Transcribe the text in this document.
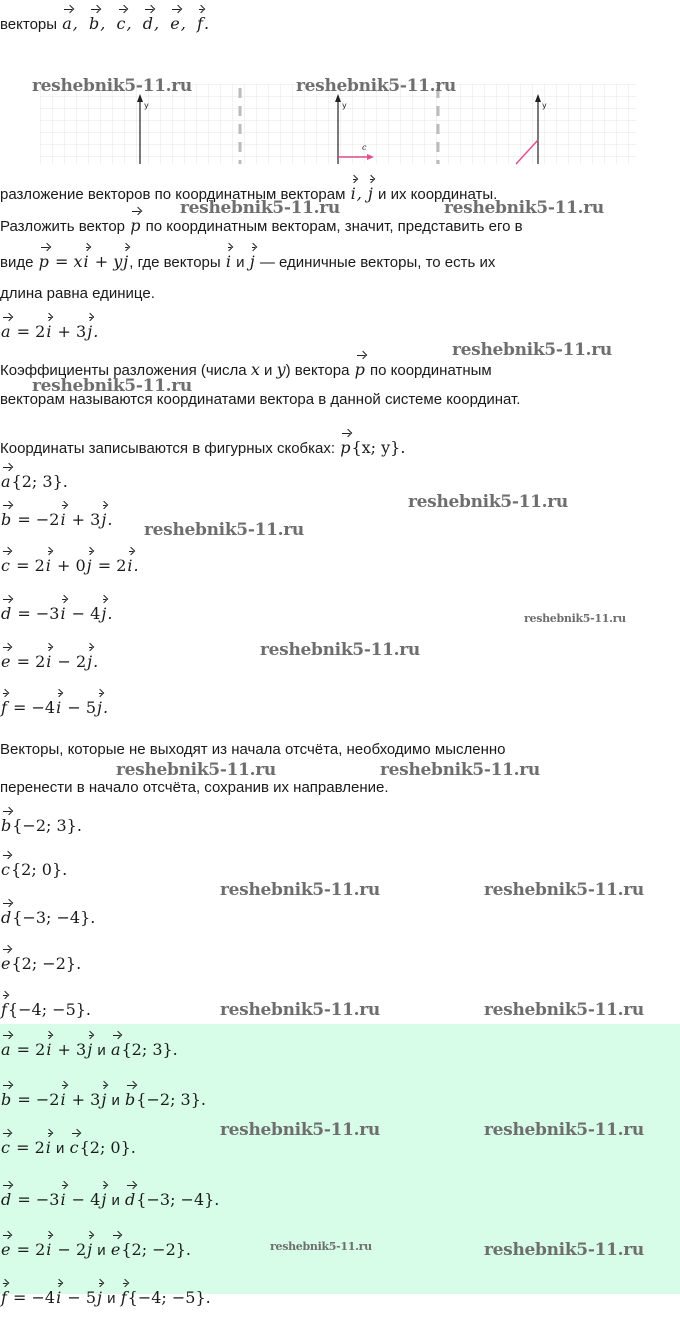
векторы a,  b,  c,  d,  e,  f.
y	y
c
y
разложение векторов по координатным векторам i, j и их координаты.
Разложить вектор p по координатным векторам, значит, представить его в
виде p = xi + yj, где векторы i и j — единичные векторы, то есть их
длина равна единице.
a = 2i + 3j.
Коэффициенты разложения (числа x и y) вектора p по координатным
векторам называются координатами вектора в данной системе координат.
Координаты записываются в фигурных скобках: p{x; y}.
a{2; 3}.
b = −2i + 3j.
c = 2i + 0j = 2i.
d = −3i − 4j.
e = 2i − 2j.
f = −4i − 5j.
Векторы, которые не выходят из начала отсчёта, необходимо мысленно
перенести в начало отсчёта, сохранив их направление.
b{−2; 3}.
c{2; 0}.
d{−3; −4}.
e{2; −2}.
f{−4; −5}.
a = 2i + 3j и a{2; 3}.
b = −2i + 3j и b{−2; 3}.
c = 2i и c{2; 0}.
d = −3i − 4j и d{−3; −4}.
e = 2i − 2j и e{2; −2}.
f = −4i − 5j и f{−4; −5}.
reshebnik5-11.ru	reshebnik5-11.ru
reshebnik5-11.ru	reshebnik5-11.ru
reshebnik5-11.ru
reshebnik5-11.ru
reshebnik5-11.ru
reshebnik5-11.ru
reshebnik5-11.ru
reshebnik5-11.ru
reshebnik5-11.ru	reshebnik5-11.ru
reshebnik5-11.ru	reshebnik5-11.ru
reshebnik5-11.ru	reshebnik5-11.ru
reshebnik5-11.ru	reshebnik5-11.ru
reshebnik5-11.ru	reshebnik5-11.ru
